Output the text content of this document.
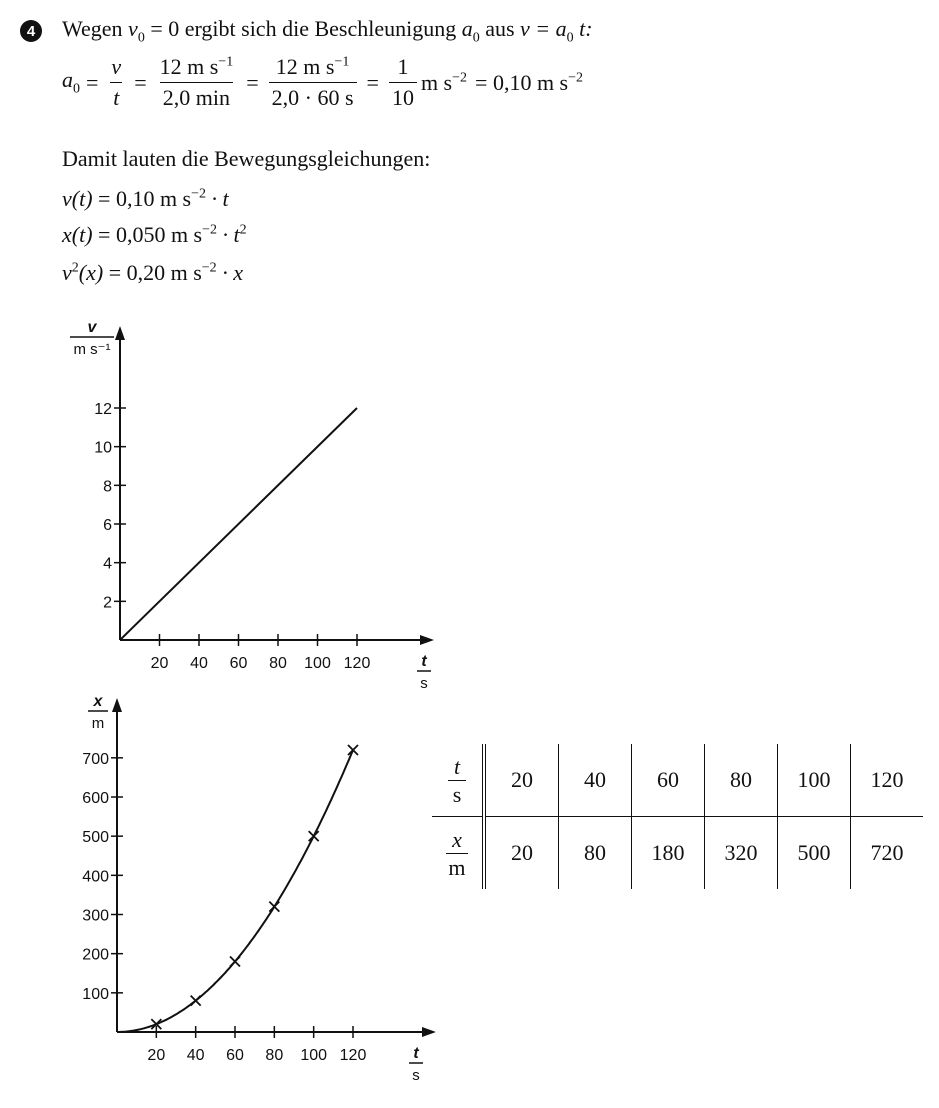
4 Wegen $v_0 = 0$ ergibt sich die Beschleunigung $a_0$ aus $v = a_0$ t:
$a_0 = \frac{v}{t} = \frac{12 m s^{-1}}{2,0 \min} = \frac{12 m s^{-1}}{2,0 \cdot 60 s} = \frac{1}{10}$ m $s^{-2} = 0,10$ m $s^{-2}$
Damit lauten die Bewegungsgleichungen:
v(t) = 0,10 m $s^{-2} \cdot t$
x(t) = 0,050 m $s^{-2} \cdot t^2$
$v^2(x) = 0,20$ m $s^{-2} \cdot x$
20 40 60 80 100 120
2
4
6
8
10
12
v
m s⁻¹
t
s
20 40 60 80 100 120
100
200
300
400
500
600
700
x
m
t
s
$\frac{t}{s}$	20	40	60	80	100	120

$\frac{x}{m}$	20	80	180	320	500	720
